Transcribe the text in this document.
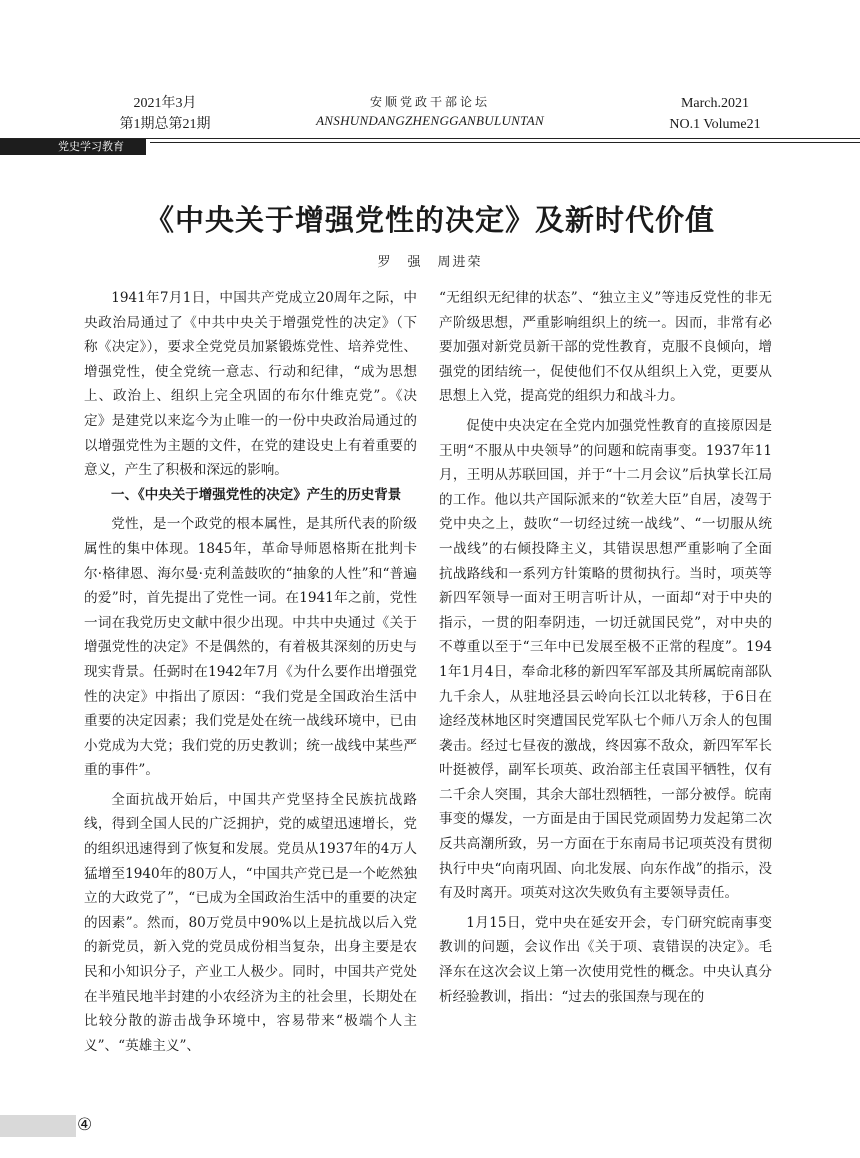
2021年3月
第1期总第21期
安顺党政干部论坛
ANSHUNDANGZHENGGANBULUNTAN
March.2021
NO.1 Volume21
党史学习教育
《中央关于增强党性的决定》及新时代价值
罗　强　周进荣

1941年7月1日，中国共产党成立20周年之际，中央政治局通过了《中共中央关于增强党性的决定》（下称《决定》），要求全党党员加紧锻炼党性、培养党性、增强党性，使全党统一意志、行动和纪律，“成为思想上、政治上、组织上完全巩固的布尔什维克党”。《决定》是建党以来迄今为止唯一的一份中央政治局通过的以增强党性为主题的文件，在党的建设史上有着重要的意义，产生了积极和深远的影响。

一、《中央关于增强党性的决定》产生的历史背景

党性，是一个政党的根本属性，是其所代表的阶级属性的集中体现。1845年，革命导师恩格斯在批判卡尔·格律恩、海尔曼·克利盖鼓吹的“抽象的人性”和“普遍的爱”时，首先提出了党性一词。在1941年之前，党性一词在我党历史文献中很少出现。中共中央通过《关于增强党性的决定》不是偶然的，有着极其深刻的历史与现实背景。任弼时在1942年7月《为什么要作出增强党性的决定》中指出了原因：“我们党是全国政治生活中重要的决定因素；我们党是处在统一战线环境中，已由小党成为大党；我们党的历史教训；统一战线中某些严重的事件”。

全面抗战开始后，中国共产党坚持全民族抗战路线，得到全国人民的广泛拥护，党的威望迅速增长，党的组织迅速得到了恢复和发展。党员从1937年的4万人猛增至1940年的80万人，“中国共产党已是一个屹然独立的大政党了”，“已成为全国政治生活中的重要的决定的因素”。然而，80万党员中90%以上是抗战以后入党的新党员，新入党的党员成份相当复杂，出身主要是农民和小知识分子，产业工人极少。同时，中国共产党处在半殖民地半封建的小农经济为主的社会里，长期处在比较分散的游击战争环境中，容易带来“极端个人主义”、“英雄主义”、

“无组织无纪律的状态”、“独立主义”等违反党性的非无产阶级思想，严重影响组织上的统一。因而，非常有必要加强对新党员新干部的党性教育，克服不良倾向，增强党的团结统一，促使他们不仅从组织上入党，更要从思想上入党，提高党的组织力和战斗力。

促使中央决定在全党内加强党性教育的直接原因是王明“不服从中央领导”的问题和皖南事变。1937年11月，王明从苏联回国，并于“十二月会议”后执掌长江局的工作。他以共产国际派来的“钦差大臣”自居，凌驾于党中央之上，鼓吹“一切经过统一战线”、“一切服从统一战线”的右倾投降主义，其错误思想严重影响了全面抗战路线和一系列方针策略的贯彻执行。当时，项英等新四军领导一面对王明言听计从，一面却“对于中央的指示，一贯的阳奉阴违，一切迁就国民党”，对中央的不尊重以至于“三年中已发展至极不正常的程度”。1941年1月4日，奉命北移的新四军军部及其所属皖南部队九千余人，从驻地泾县云岭向长江以北转移，于6日在途经茂林地区时突遭国民党军队七个师八万余人的包围袭击。经过七昼夜的激战，终因寡不敌众，新四军军长叶挺被俘，副军长项英、政治部主任袁国平牺牲，仅有二千余人突围，其余大部壮烈牺牲，一部分被俘。皖南事变的爆发，一方面是由于国民党顽固势力发起第二次反共高潮所致，另一方面在于东南局书记项英没有贯彻执行中央“向南巩固、向北发展、向东作战”的指示，没有及时离开。项英对这次失败负有主要领导责任。

1月15日，党中央在延安开会，专门研究皖南事变教训的问题，会议作出《关于项、袁错误的决定》。毛泽东在这次会议上第一次使用党性的概念。中央认真分析经验教训，指出：“过去的张国焘与现在的

④
